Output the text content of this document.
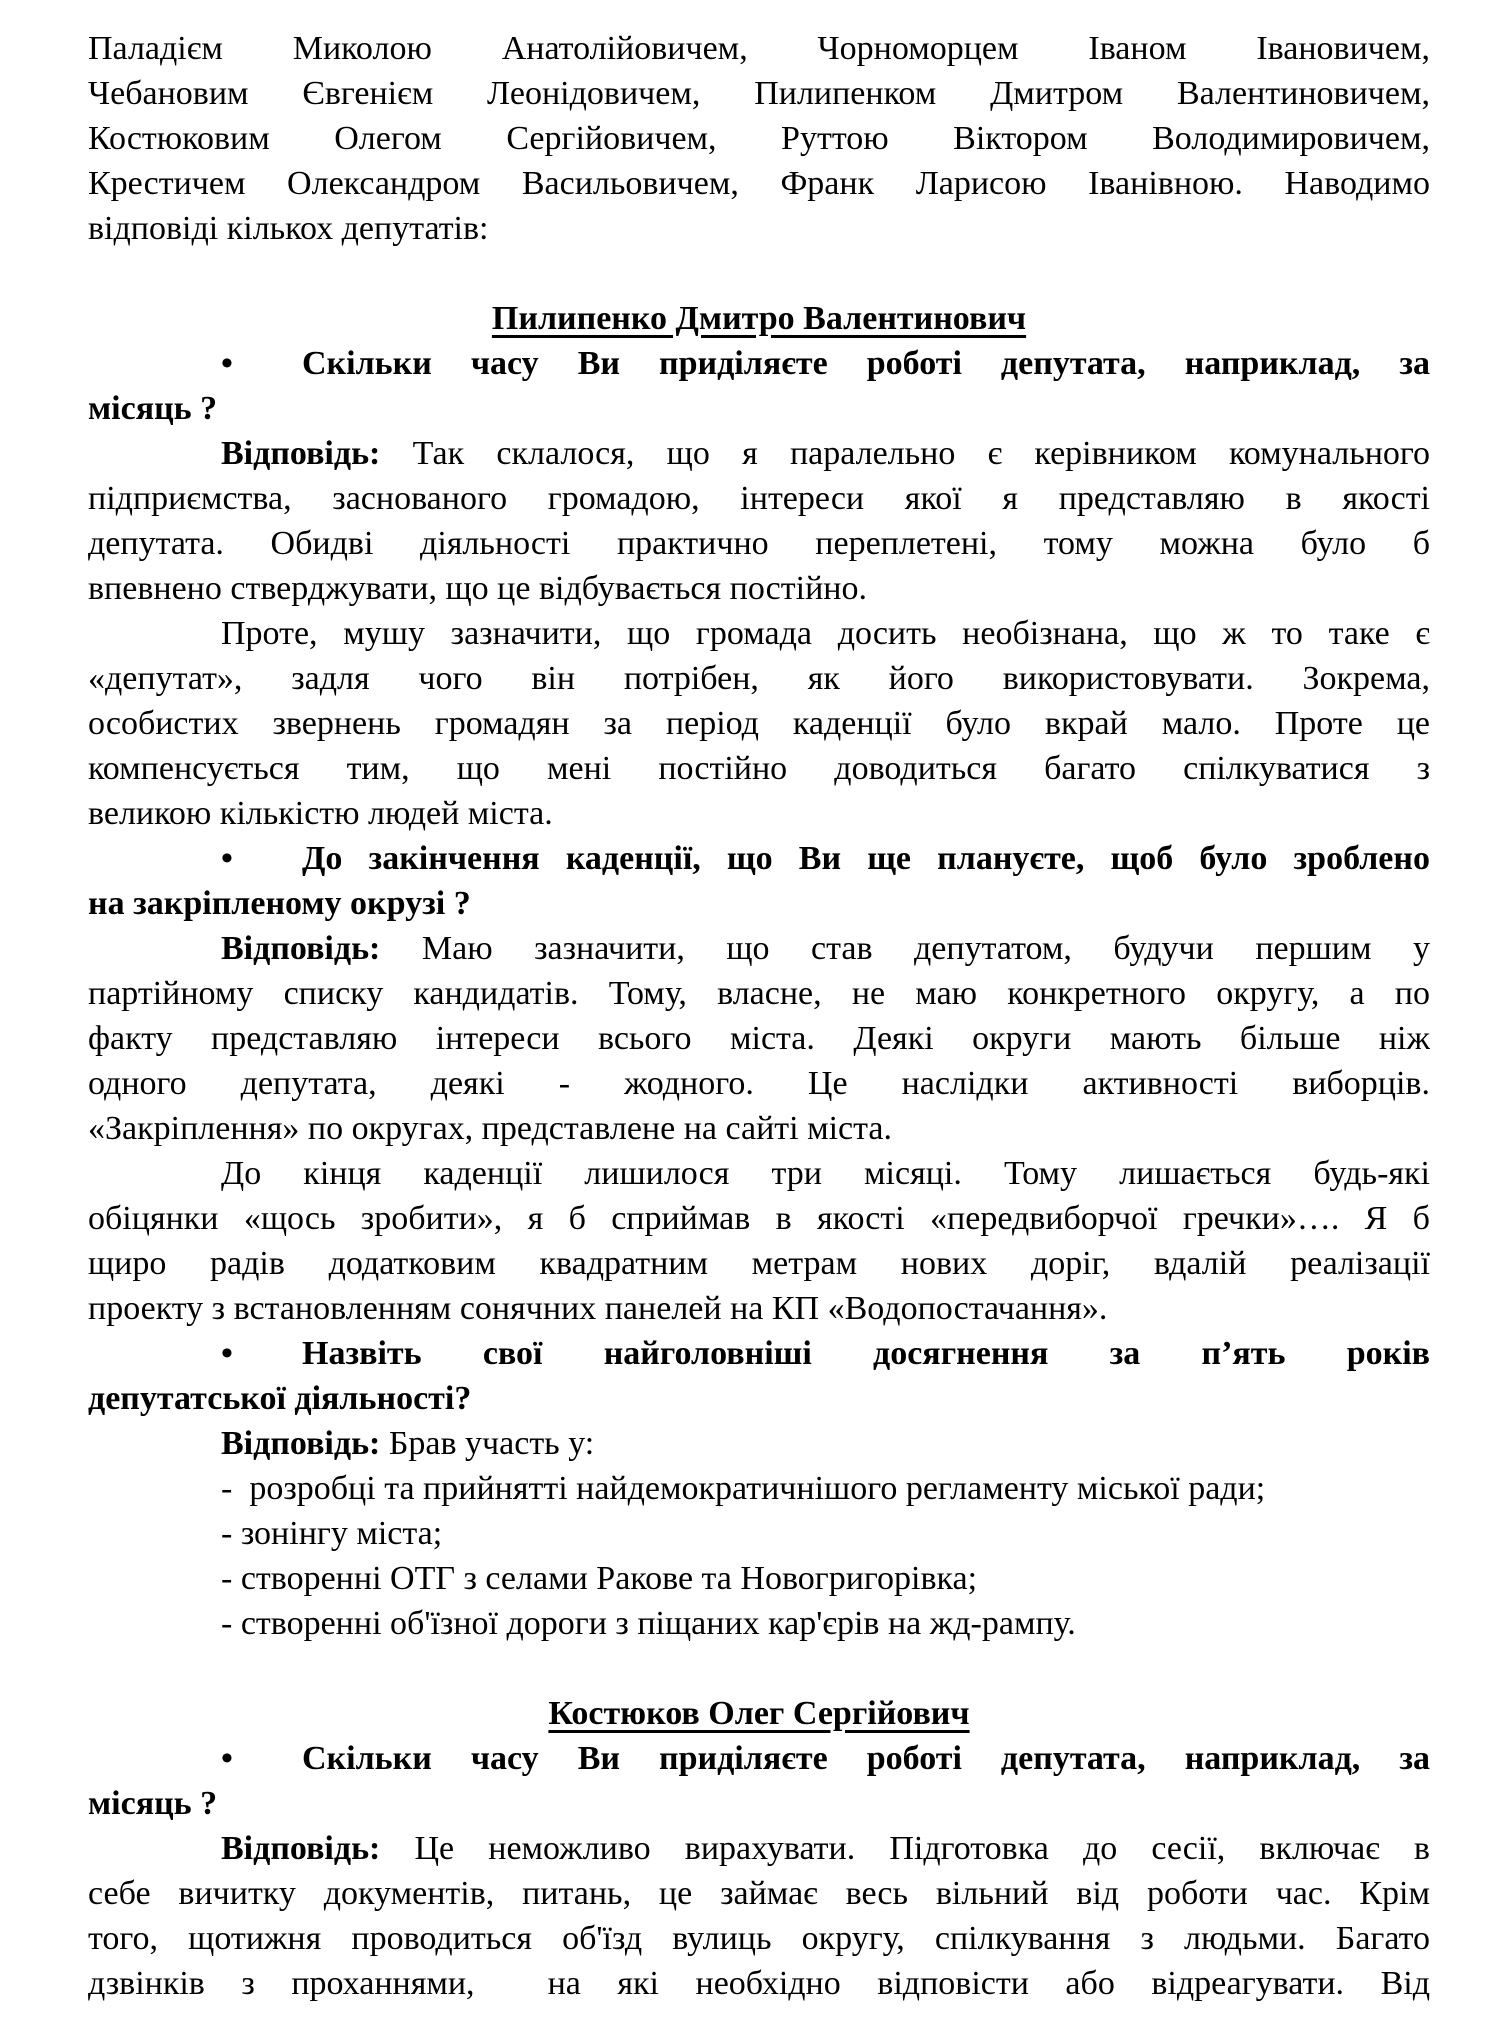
Паладієм Миколою Анатолійовичем, Чорноморцем Іваном Івановичем,
Чебановим Євгенієм Леонідовичем, Пилипенком Дмитром Валентиновичем,
Костюковим Олегом Сергійовичем, Руттою Віктором Володимировичем,
Крестичем Олександром Васильовичем, Франк Ларисою Іванівною. Наводимо
відповіді кількох депутатів:
Пилипенко Дмитро Валентинович
• Скільки часу Ви приділяєте роботі депутата, наприклад, за
місяць ?
Відповідь: Так склалося, що я паралельно є керівником комунального
підприємства, заснованого громадою, інтереси якої я представляю в якості
депутата. Обидві діяльності практично переплетені, тому можна було б
впевнено стверджувати, що це відбувається постійно.
Проте, мушу зазначити, що громада досить необізнана, що ж то таке є
«депутат», задля чого він потрібен, як його використовувати. Зокрема,
особистих звернень громадян за період каденції було вкрай мало. Проте це
компенсується тим, що мені постійно доводиться багато спілкуватися з
великою кількістю людей міста.
• До закінчення каденції, що Ви ще плануєте, щоб було зроблено
на закріпленому окрузі ?
Відповідь: Маю зазначити, що став депутатом, будучи першим у
партійному списку кандидатів. Тому, власне, не маю конкретного округу, а по
факту представляю інтереси всього міста. Деякі округи мають більше ніж
одного депутата, деякі - жодного. Це наслідки активності виборців.
«Закріплення» по округах, представлене на сайті міста.
До кінця каденції лишилося три місяці. Тому лишається будь-які
обіцянки «щось зробити», я б сприймав в якості «передвиборчої гречки»…. Я б
щиро радів додатковим квадратним метрам нових доріг, вдалій реалізації
проекту з встановленням сонячних панелей на КП «Водопостачання».
• Назвіть свої найголовніші досягнення за п’ять років
депутатської діяльності?
Відповідь: Брав участь у:
-  розробці та прийнятті найдемократичнішого регламенту міської ради;
- зонінгу міста;
- створенні ОТГ з селами Ракове та Новогригорівка;
- створенні об'їзної дороги з піщаних кар'єрів на жд-рампу.
Костюков Олег Сергійович
• Скільки часу Ви приділяєте роботі депутата, наприклад, за
місяць ?
Відповідь: Це неможливо вирахувати. Підготовка до сесії, включає в
себе вичитку документів, питань, це займає весь вільний від роботи час. Крім
того, щотижня проводиться об'їзд вулиць округу, спілкування з людьми. Багато
дзвінків з проханнями,  на які необхідно відповісти або відреагувати. Від
